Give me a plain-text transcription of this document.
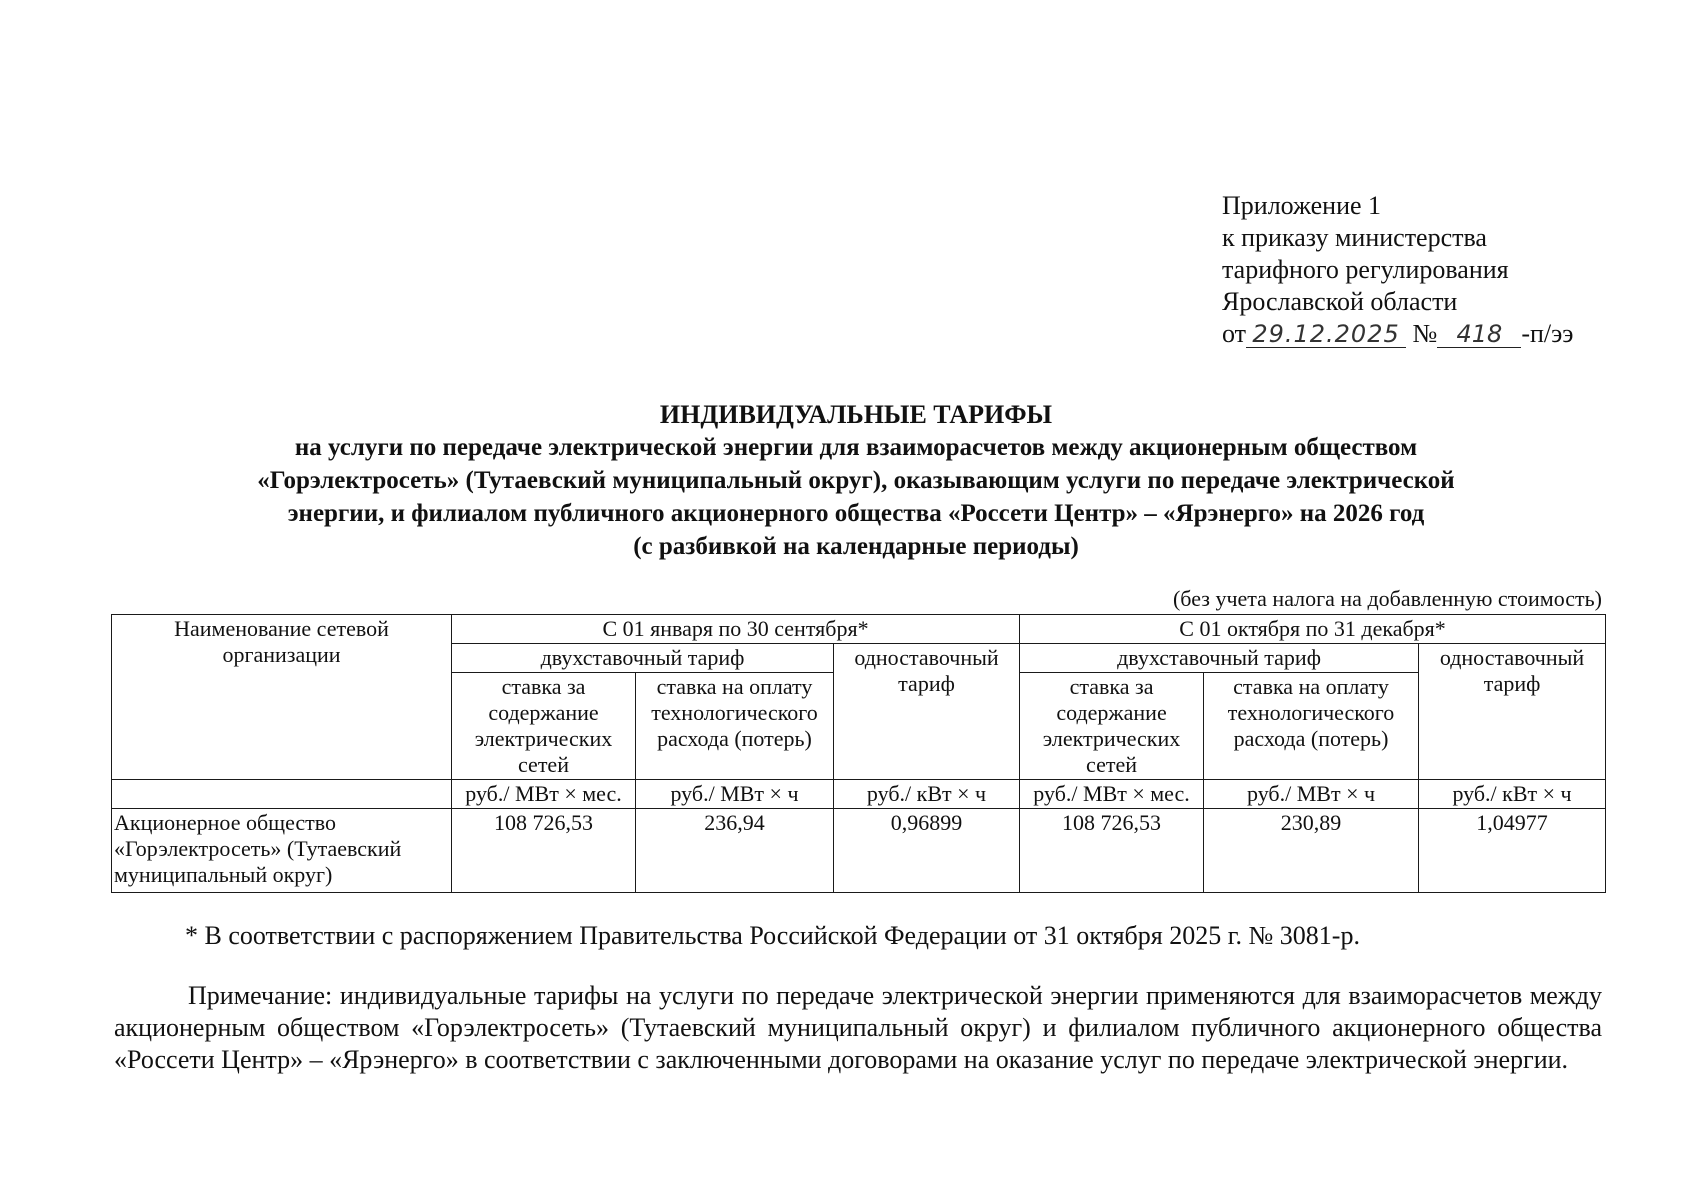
Приложение 1
к приказу министерства
тарифного регулирования
Ярославской области
от 29.12.2025 № 418 -п/ээ
ИНДИВИДУАЛЬНЫЕ ТАРИФЫ
на услуги по передаче электрической энергии для взаиморасчетов между акционерным обществом
«Горэлектросеть» (Тутаевский муниципальный округ), оказывающим услуги по передаче электрической
энергии, и филиалом публичного акционерного общества «Россети Центр» – «Ярэнерго» на 2026 год
(с разбивкой на календарные периоды)
(без учета налога на добавленную стоимость)
Наименование сетевой организации	С 01 января по 30 сентября*			С 01 октября по 31 декабря*		
	двухставочный тариф		одноставочный тариф	двухставочный тариф		одноставочный тариф
	ставка за содержание электрических сетей	ставка на оплату технологического расхода (потерь)		ставка за содержание электрических сетей	ставка на оплату технологического расхода (потерь)	
	руб./ МВт × мес.	руб./ МВт × ч	руб./ кВт × ч	руб./ МВт × мес.	руб./ МВт × ч	руб./ кВт × ч
Акционерное общество «Горэлектросеть» (Тутаевский муниципальный округ)	108 726,53	236,94	0,96899	108 726,53	230,89	1,04977
* В соответствии с распоряжением Правительства Российской Федерации от 31 октября 2025 г. № 3081-р.
Примечание: индивидуальные тарифы на услуги по передаче электрической энергии применяются для взаиморасчетов между акционерным обществом «Горэлектросеть» (Тутаевский муниципальный округ) и филиалом публичного акционерного общества «Россети Центр» – «Ярэнерго» в соответствии с заключенными договорами на оказание услуг по передаче электрической энергии.
